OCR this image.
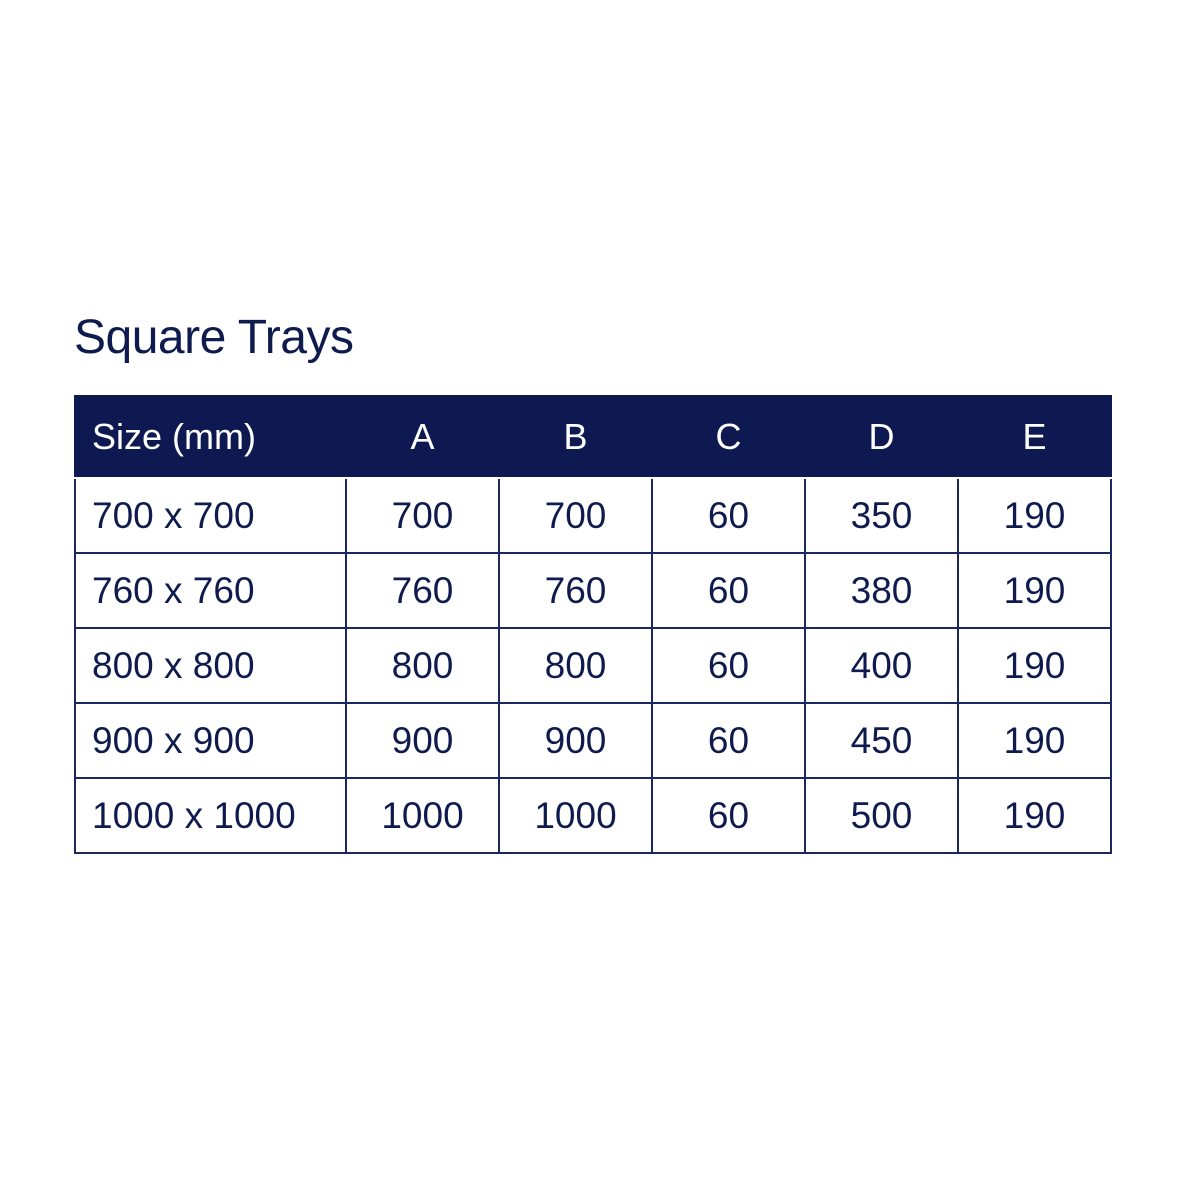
Square Trays
Size (mm)	A	B	C	D	E
700 x 700	700	700	60	350	190
760 x 760	760	760	60	380	190
800 x 800	800	800	60	400	190
900 x 900	900	900	60	450	190
1000 x 1000	1000	1000	60	500	190
